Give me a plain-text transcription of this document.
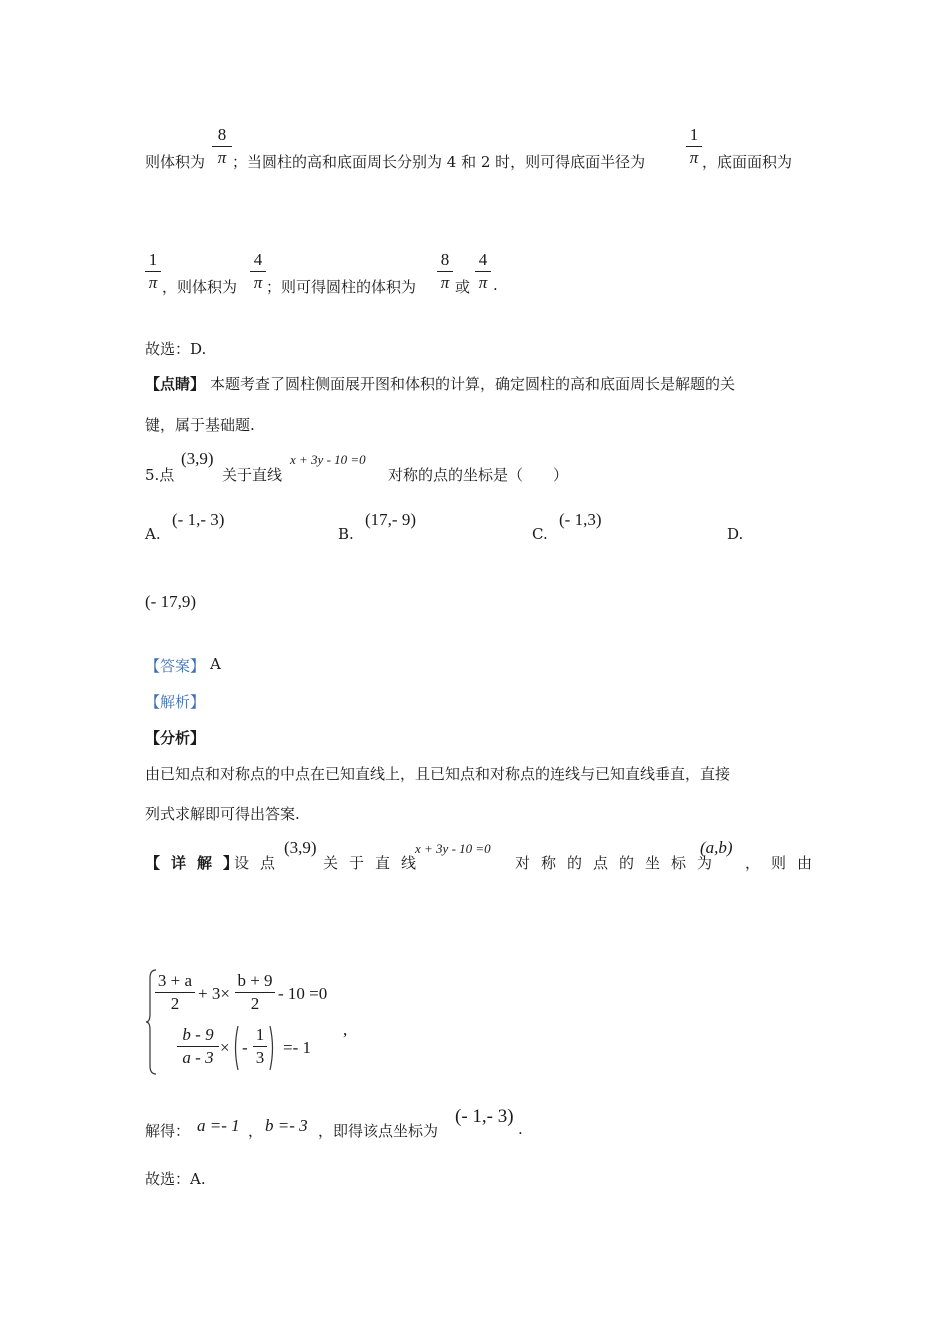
8
π
则体积为 ；当圆柱的高和底面周长分别为 4 和 2 时，则可得底面半径为
1
π ，底面面积为
1
π ，则体积为
4
π ；则可得圆柱的体积为
8
π 或
4
π .
故选：D.
【点睛】 本题考查了圆柱侧面展开图和体积的计算，确定圆柱的高和底面周长是解题的关
键，属于基础题.
5.点
(3,9)
关于直线
x + 3y - 10 =0
对称的点的坐标是（　　）
A.
(- 1,- 3)
B.
(17,- 9)
C.
(- 1,3)
D.
(- 17,9)
【答案】 A
【解析】
【分析】
由已知点和对称点的中点在已知直线上，且已知点和对称点的连线与已知直线垂直，直接
列式求解即可得出答案.
【详解】
设点
(3,9)
关于直线
x + 3y - 10 =0
对称的点的坐标为
(a,b)
，则由
3 + a
2
+ 3×
b + 9
2
- 10 =0
b - 9
a - 3
× -
1
3
=- 1
,
解得： a =- 1 ， b =- 3 ，即得该点坐标为
(- 1,- 3)
.
故选：A.
